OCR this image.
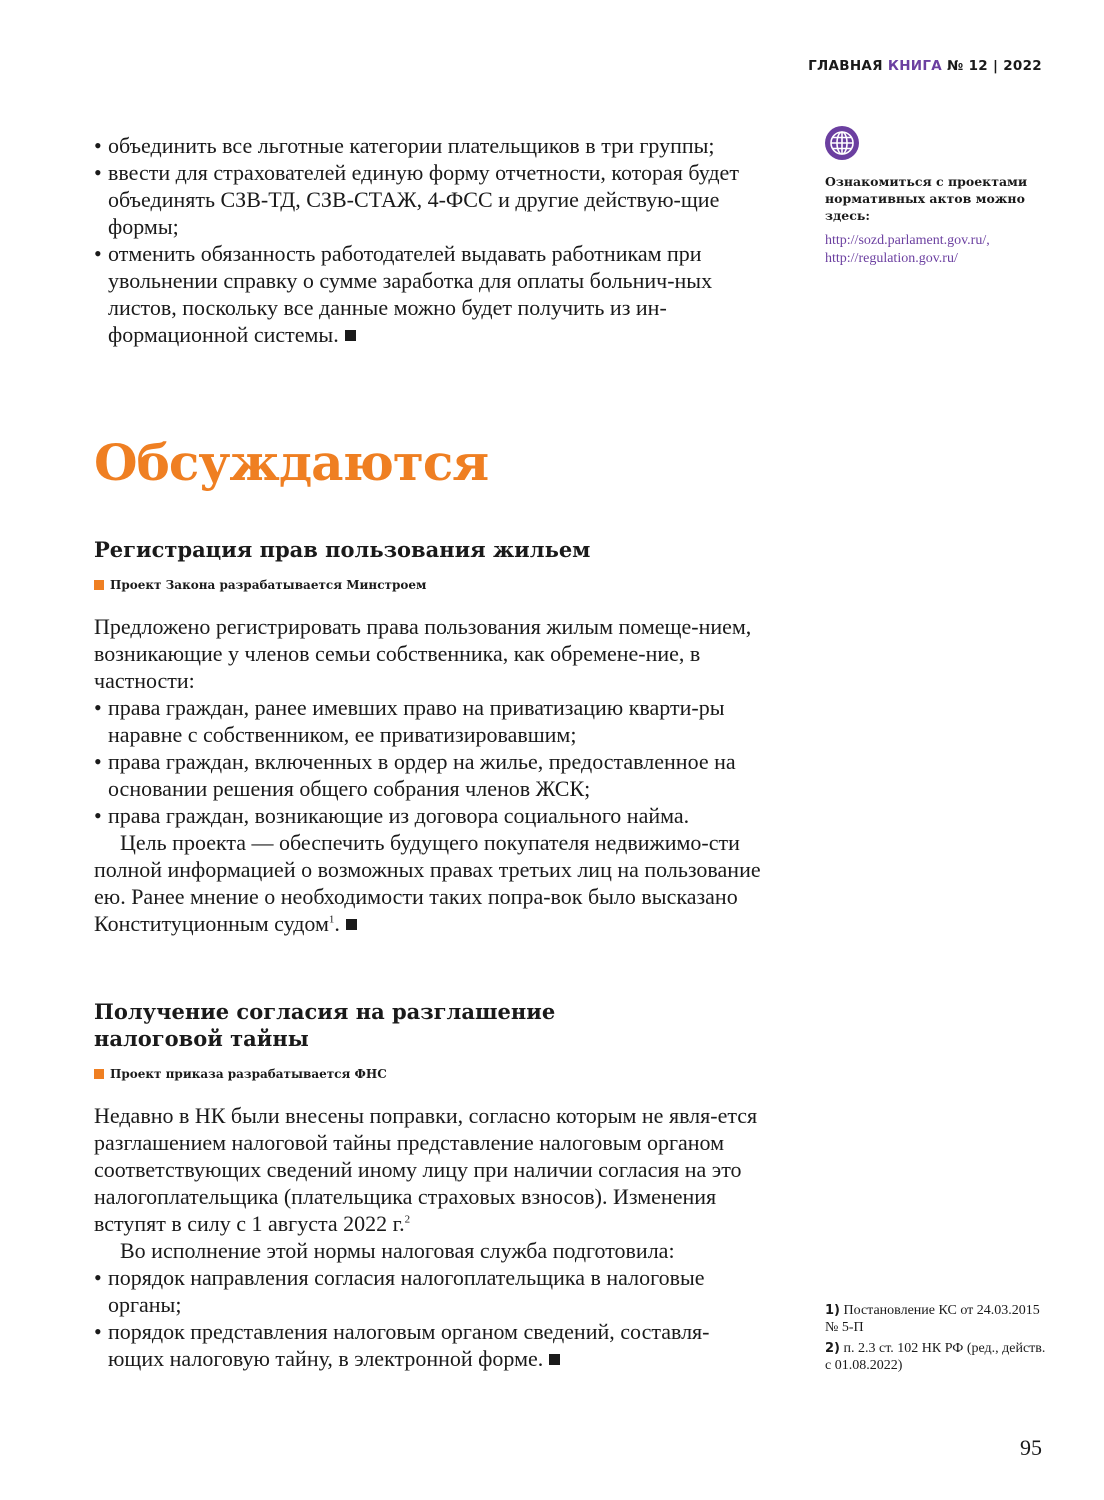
ГЛАВНАЯ КНИГА № 12 | 2022
• объединить все льготные категории плательщиков в три группы;
• ввести для страхователей единую форму отчетности, которая будет объединять СЗВ-ТД, СЗВ-СТАЖ, 4-ФСС и другие действую-щие формы;
• отменить обязанность работодателей выдавать работникам при увольнении справку о сумме заработка для оплаты больнич-ных листов, поскольку все данные можно будет получить из ин-формационной системы.
Ознакомиться с проектами нормативных актов можно здесь:
http://sozd.parlament.gov.ru/,
http://regulation.gov.ru/
Обсуждаются
Регистрация прав пользования жильем
Проект Закона разрабатывается Минстроем

Предложено регистрировать права пользования жилым помеще-нием, возникающие у членов семьи собственника, как обремене-ние, в частности:

• права граждан, ранее имевших право на приватизацию кварти-ры наравне с собственником, ее приватизировавшим;
• права граждан, включенных в ордер на жилье, предоставленное на основании решения общего собрания членов ЖСК;
• права граждан, возникающие из договора социального найма.

Цель проекта — обеспечить будущего покупателя недвижимо-сти полной информацией о возможных правах третьих лиц на пользование ею. Ранее мнение о необходимости таких попра-вок было высказано Конституционным судом$^1$.

Получение согласия на разглашение
налоговой тайны
Проект приказа разрабатывается ФНС

Недавно в НК были внесены поправки, согласно которым не явля-ется разглашением налоговой тайны представление налоговым органом соответствующих сведений иному лицу при наличии согласия на это налогоплательщика (плательщика страховых взносов). Изменения вступят в силу с 1 августа 2022 г.$^2$

Во исполнение этой нормы налоговая служба подготовила:

• порядок направления согласия налогоплательщика в налоговые органы;
• порядок представления налоговым органом сведений, составля-ющих налоговую тайну, в электронной форме.
1) Постановление КС от 24.03.2015 № 5-П
2) п. 2.3 ст. 102 НК РФ (ред., действ. с 01.08.2022)
95
